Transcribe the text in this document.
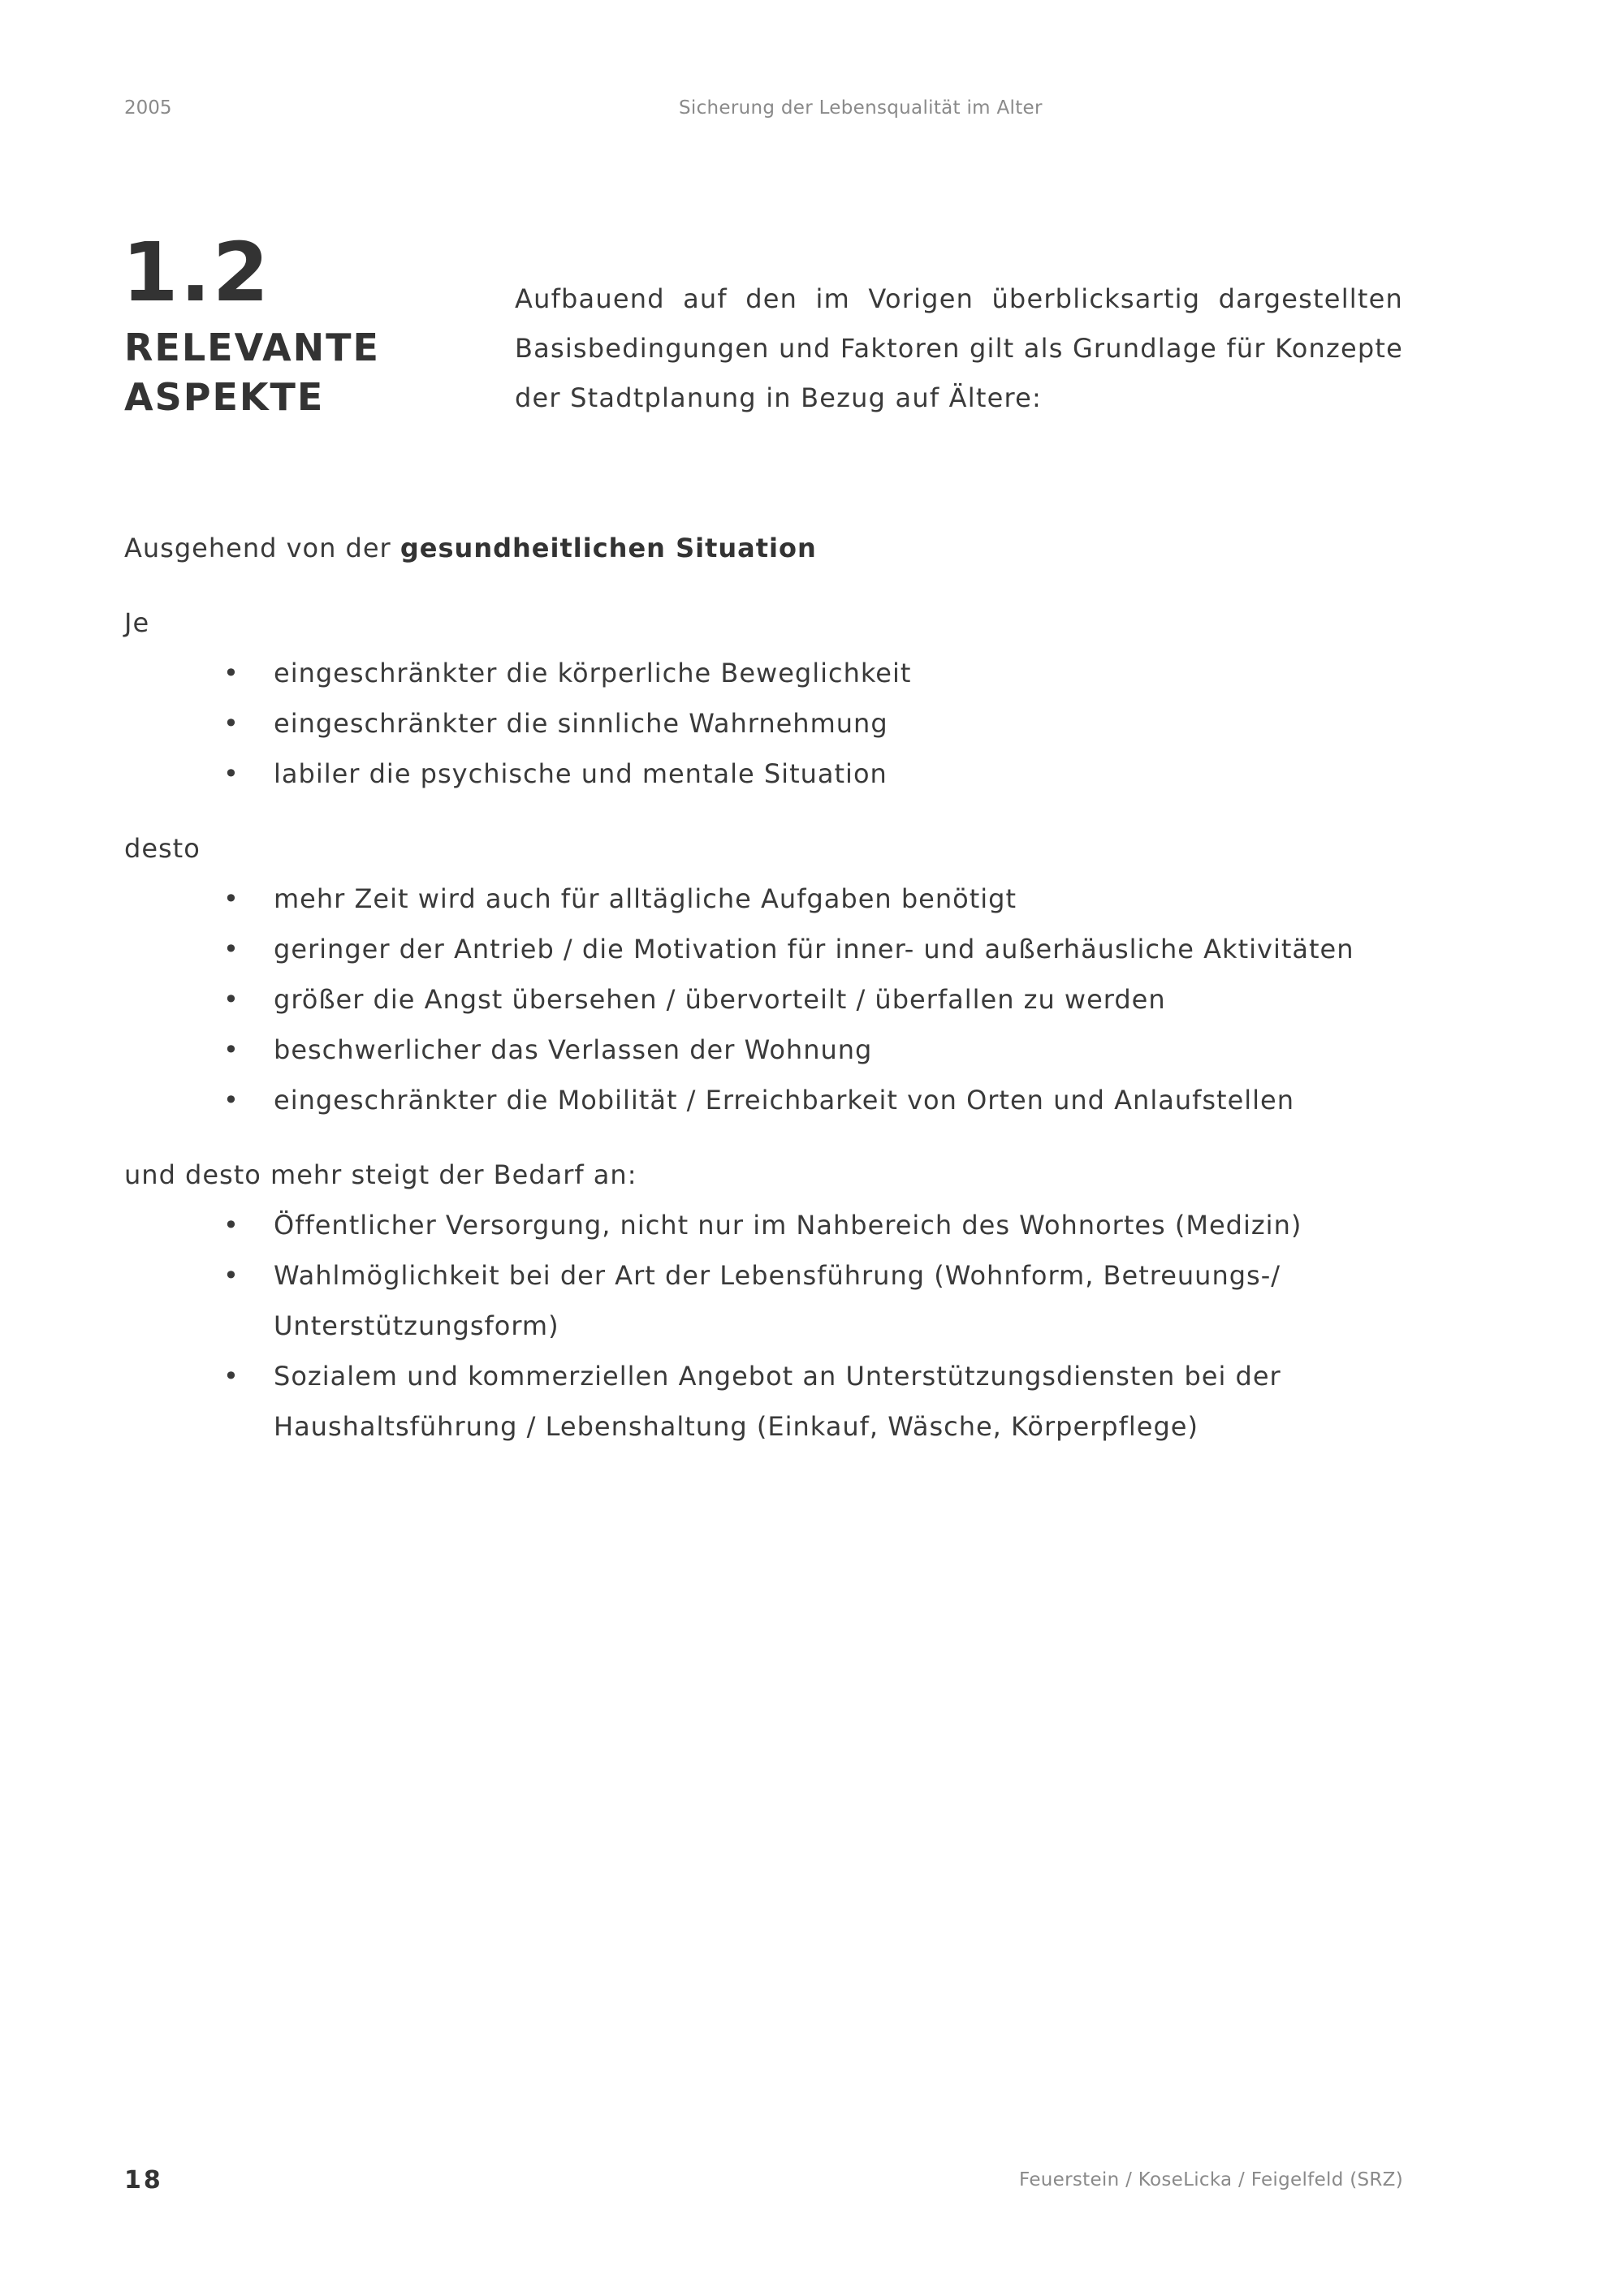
2005	Sicherung der Lebensqualität im Alter
1.2
RELEVANTE
ASPEKTE
Aufbauend auf den im Vorigen überblicksartig dargestellten Basisbedingungen und Faktoren gilt als Grundlage für Konzepte der Stadtplanung in Bezug auf Ältere:

Ausgehend von der gesundheitlichen Situation

Je

• eingeschränkter die körperliche Beweglichkeit
• eingeschränkter die sinnliche Wahrnehmung
• labiler die psychische und mentale Situation

desto

• mehr Zeit wird auch für alltägliche Aufgaben benötigt
• geringer der Antrieb / die Motivation für inner- und außerhäusliche Aktivitäten
• größer die Angst übersehen / übervorteilt / überfallen zu werden
• beschwerlicher das Verlassen der Wohnung
• eingeschränkter die Mobilität / Erreichbarkeit von Orten und Anlaufstellen

und desto mehr steigt der Bedarf an:

• Öffentlicher Versorgung, nicht nur im Nahbereich des Wohnortes (Medizin)
• Wahlmöglichkeit bei der Art der Lebensführung (Wohnform, Betreuungs-/ Unterstützungsform)
• Sozialem und kommerziellen Angebot an Unterstützungsdiensten bei der Haushaltsführung / Lebenshaltung (Einkauf, Wäsche, Körperpflege)
18	Feuerstein / KoseLicka / Feigelfeld (SRZ)
